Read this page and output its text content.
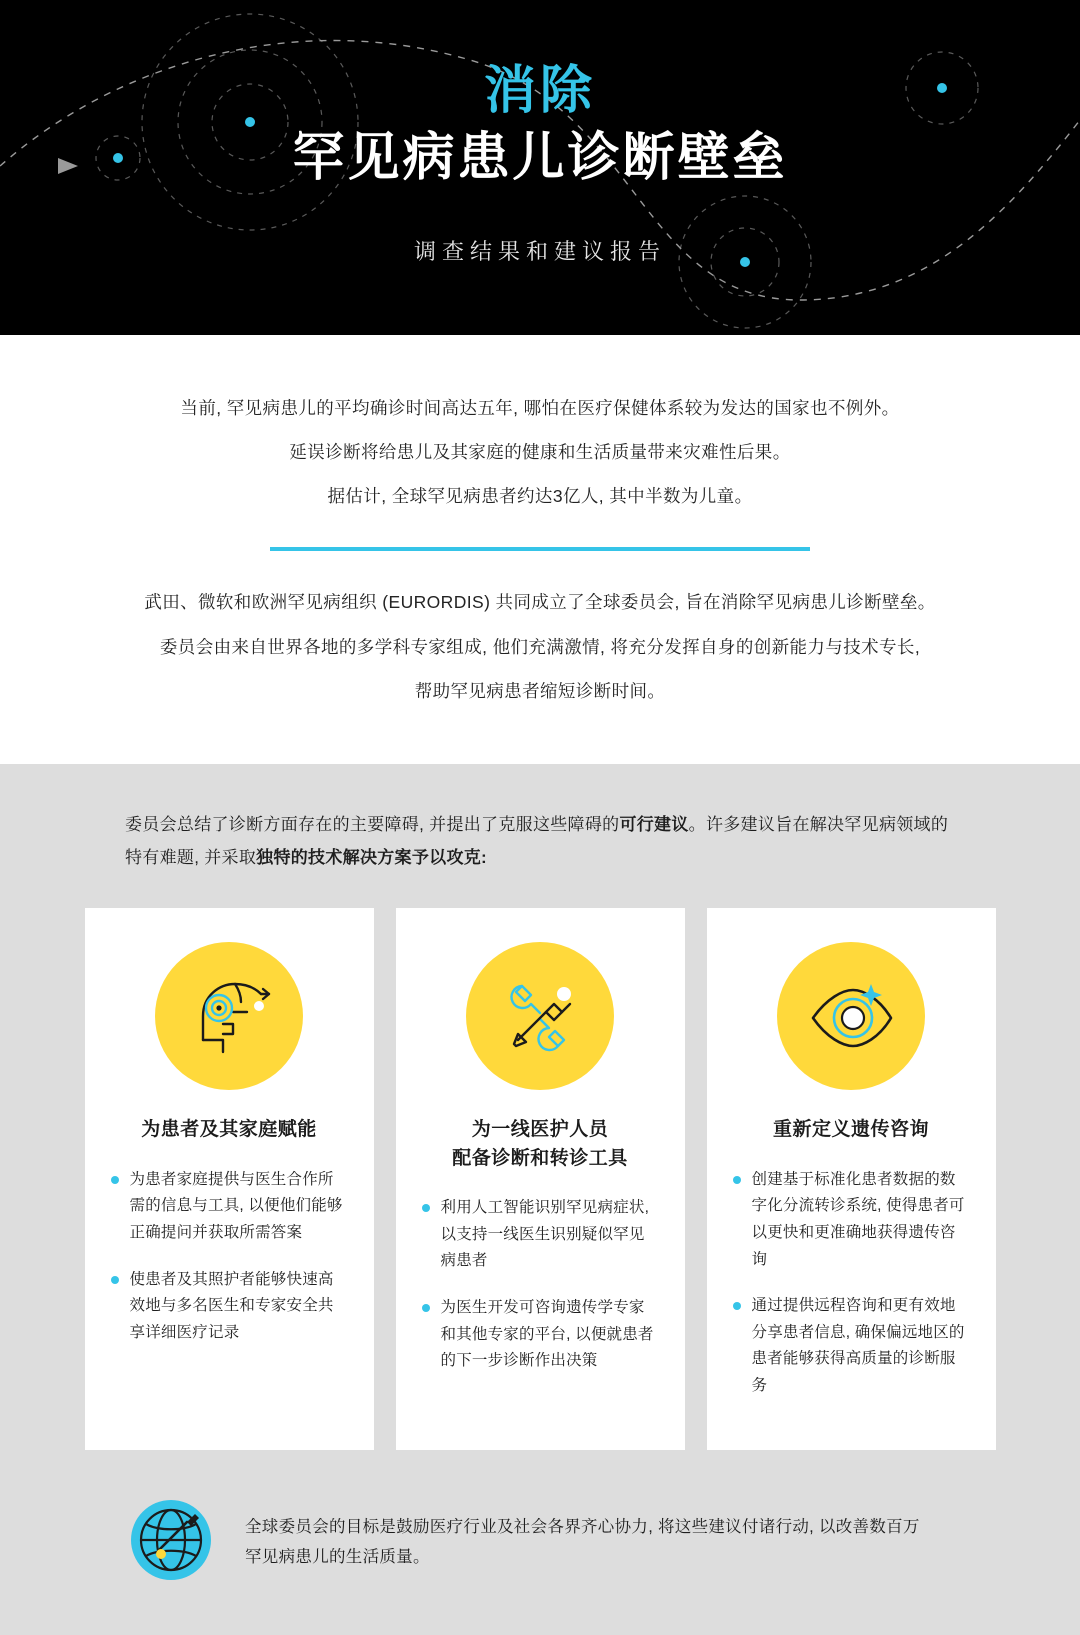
消除
罕见病患儿诊断壁垒
调查结果和建议报告

当前, 罕见病患儿的平均确诊时间高达五年, 哪怕在医疗保健体系较为发达的国家也不例外。

延误诊断将给患儿及其家庭的健康和生活质量带来灾难性后果。

据估计, 全球罕见病患者约达3亿人, 其中半数为儿童。

武田、微软和欧洲罕见病组织 (EURORDIS) 共同成立了全球委员会, 旨在消除罕见病患儿诊断壁垒。

委员会由来自世界各地的多学科专家组成, 他们充满激情, 将充分发挥自身的创新能力与技术专长,

帮助罕见病患者缩短诊断时间。

委员会总结了诊断方面存在的主要障碍, 并提出了克服这些障碍的可行建议。许多建议旨在解决罕见病领域的特有难题, 并采取独特的技术解决方案予以攻克:
为患者及其家庭赋能
为患者家庭提供与医生合作所需的信息与工具, 以便他们能够正确提问并获取所需答案
使患者及其照护者能够快速高效地与多名医生和专家安全共享详细医疗记录
为一线医护人员
配备诊断和转诊工具
利用人工智能识别罕见病症状, 以支持一线医生识别疑似罕见病患者
为医生开发可咨询遗传学专家和其他专家的平台, 以便就患者的下一步诊断作出决策
重新定义遗传咨询
创建基于标准化患者数据的数字化分流转诊系统, 使得患者可以更快和更准确地获得遗传咨询
通过提供远程咨询和更有效地分享患者信息, 确保偏远地区的患者能够获得高质量的诊断服务
全球委员会的目标是鼓励医疗行业及社会各界齐心协力, 将这些建议付诸行动, 以改善数百万
罕见病患儿的生活质量。
